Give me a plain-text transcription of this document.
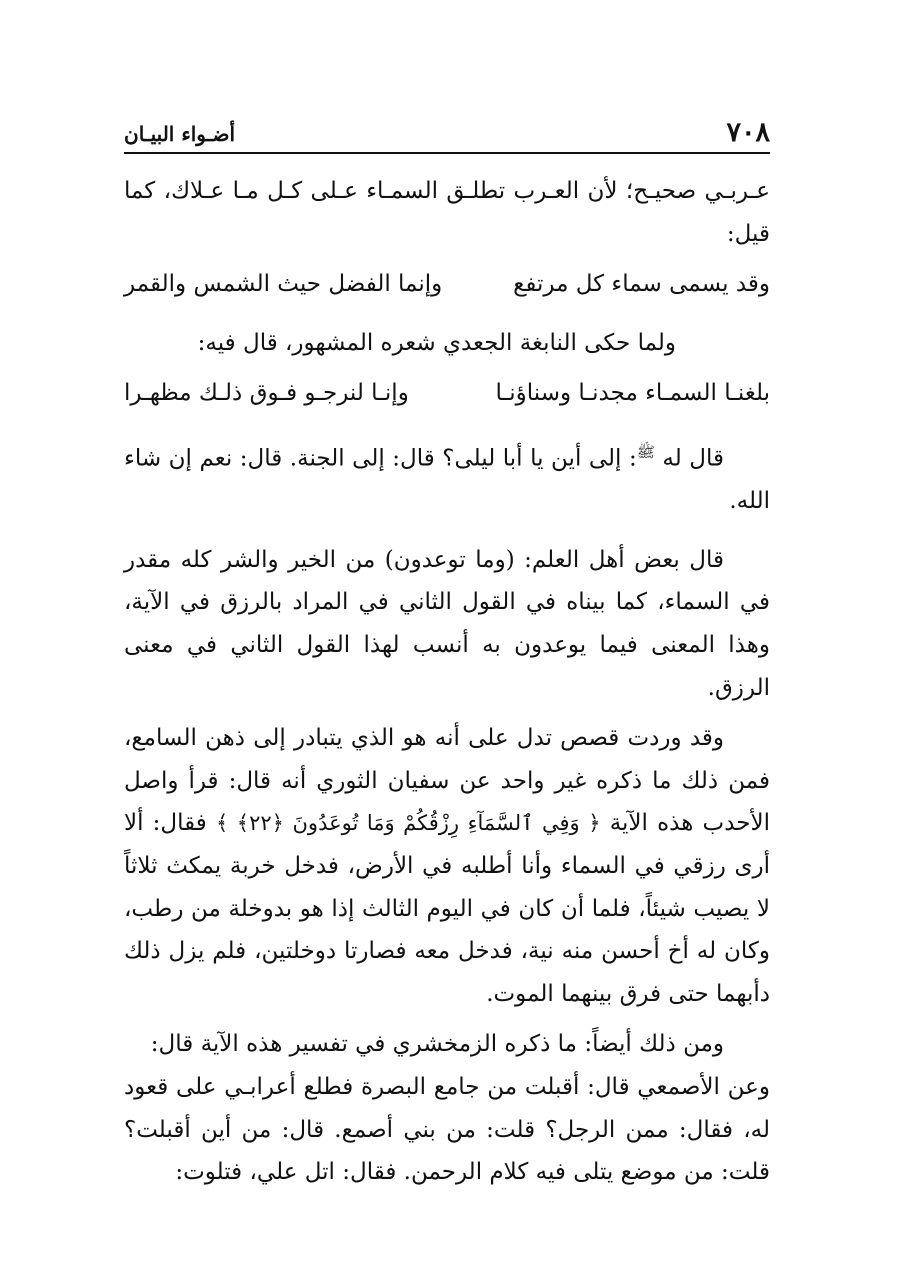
٧٠٨
أضـواء البيـان

عـربـي صحيـح؛ لأن العـرب تطلـق السمـاء عـلى كـل مـا عـلاك، كما قيل:

وقد يسمى سماء كل مرتفع
وإنما الفضل حيث الشمس والقمر

ولما حكى النابغة الجعدي شعره المشهور، قال فيه:

بلغنـا السمـاء مجدنـا وسناؤنـا
وإنـا لنرجـو فـوق ذلـك مظهـرا

قال له $^ﷺ$: إلى أين يا أبا ليلى؟ قال: إلى الجنة. قال: نعم إن شاء الله.

قال بعض أهل العلم: (وما توعدون) من الخير والشر كله مقدر في السماء، كما بيناه في القول الثاني في المراد بالرزق في الآية، وهذا المعنى فيما يوعدون به أنسب لهذا القول الثاني في معنى الرزق.

وقد وردت قصص تدل على أنه هو الذي يتبادر إلى ذهن السامع، فمن ذلك ما ذكره غير واحد عن سفيان الثوري أنه قال: قرأ واصل الأحدب هذه الآية ﴿ وَفِي ٱلسَّمَآءِ رِزْقُكُمْ وَمَا تُوعَدُونَ ﴿٢٢﴾ ﴾ فقال: ألا أرى رزقي في السماء وأنا أطلبه في الأرض، فدخل خربة يمكث ثلاثاً لا يصيب شيئاً، فلما أن كان في اليوم الثالث إذا هو بدوخلة من رطب، وكان له أخ أحسن منه نية، فدخل معه فصارتا دوخلتين، فلم يزل ذلك دأبهما حتى فرق بينهما الموت.

ومن ذلك أيضاً: ما ذكره الزمخشري في تفسير هذه الآية قال:

وعن الأصمعي قال: أقبلت من جامع البصرة فطلع أعرابـي على قعود له، فقال: ممن الرجل؟ قلت: من بني أصمع. قال: من أين أقبلت؟ قلت: من موضع يتلى فيه كلام الرحمن. فقال: اتل علي، فتلوت:
